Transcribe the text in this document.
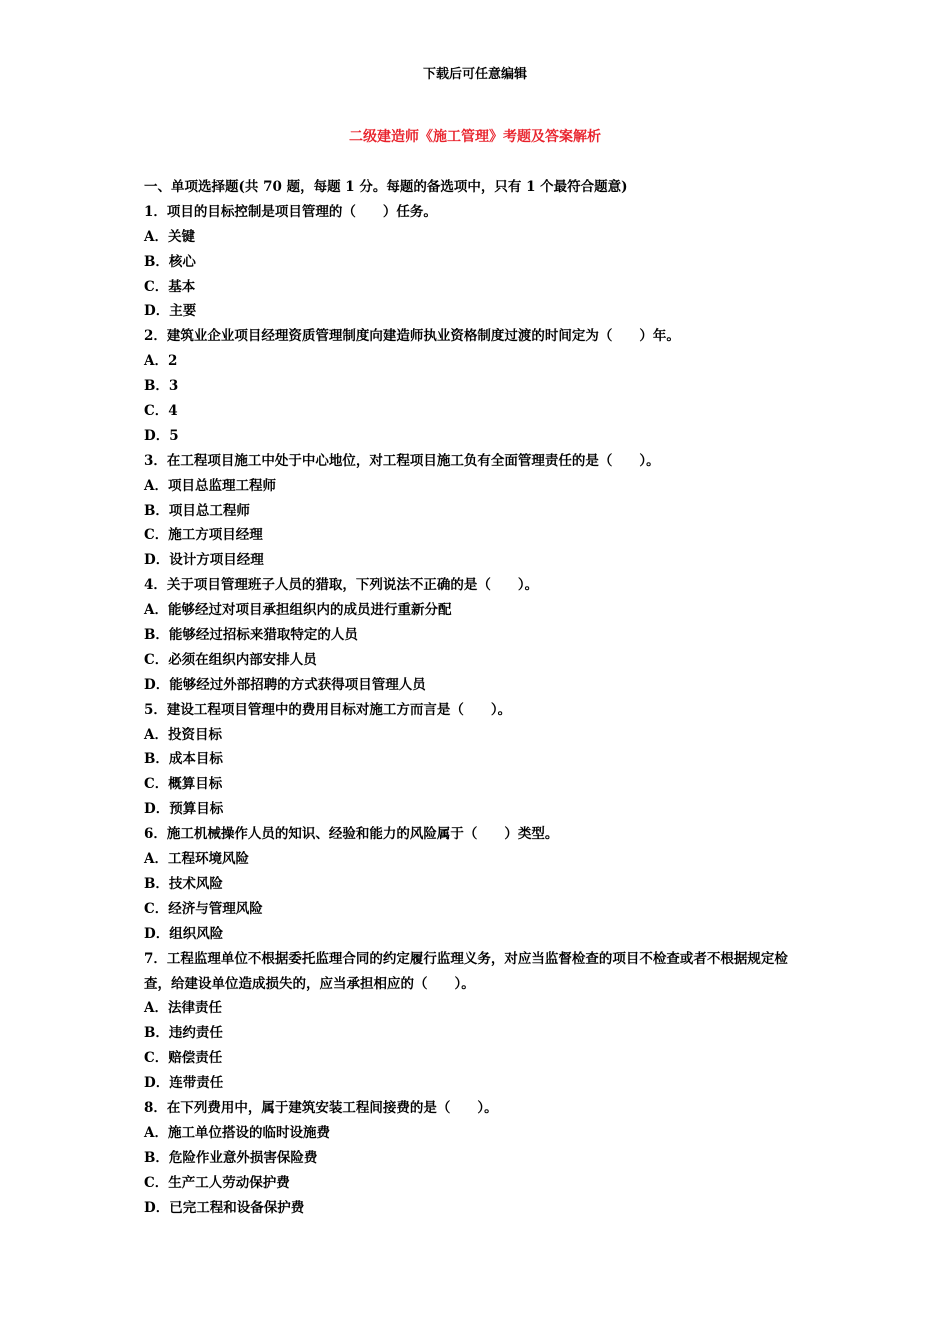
下载后可任意编辑
二级建造师《施工管理》考题及答案解析
一、单项选择题(共 70 题，每题 1 分。每题的备选项中，只有 1 个最符合题意)
1．项目的目标控制是项目管理的（　　）任务。
A．关键
B．核心
C．基本
D．主要
2．建筑业企业项目经理资质管理制度向建造师执业资格制度过渡的时间定为（　　）年。
A．2
B．3
C．4
D．5
3．在工程项目施工中处于中心地位，对工程项目施工负有全面管理责任的是（　　）。
A．项目总监理工程师
B．项目总工程师
C．施工方项目经理
D．设计方项目经理
4．关于项目管理班子人员的猎取，下列说法不正确的是（　　）。
A．能够经过对项目承担组织内的成员进行重新分配
B．能够经过招标来猎取特定的人员
C．必须在组织内部安排人员
D．能够经过外部招聘的方式获得项目管理人员
5．建设工程项目管理中的费用目标对施工方而言是（　　）。
A．投资目标
B．成本目标
C．概算目标
D．预算目标
6．施工机械操作人员的知识、经验和能力的风险属于（　　）类型。
A．工程环境风险
B．技术风险
C．经济与管理风险
D．组织风险
7．工程监理单位不根据委托监理合同的约定履行监理义务，对应当监督检查的项目不检查或者不根据规定检查，给建设单位造成损失的，应当承担相应的（　　）。
A．法律责任
B．违约责任
C．赔偿责任
D．连带责任
8．在下列费用中，属于建筑安装工程间接费的是（　　）。
A．施工单位搭设的临时设施费
B．危险作业意外损害保险费
C．生产工人劳动保护费
D．已完工程和设备保护费
